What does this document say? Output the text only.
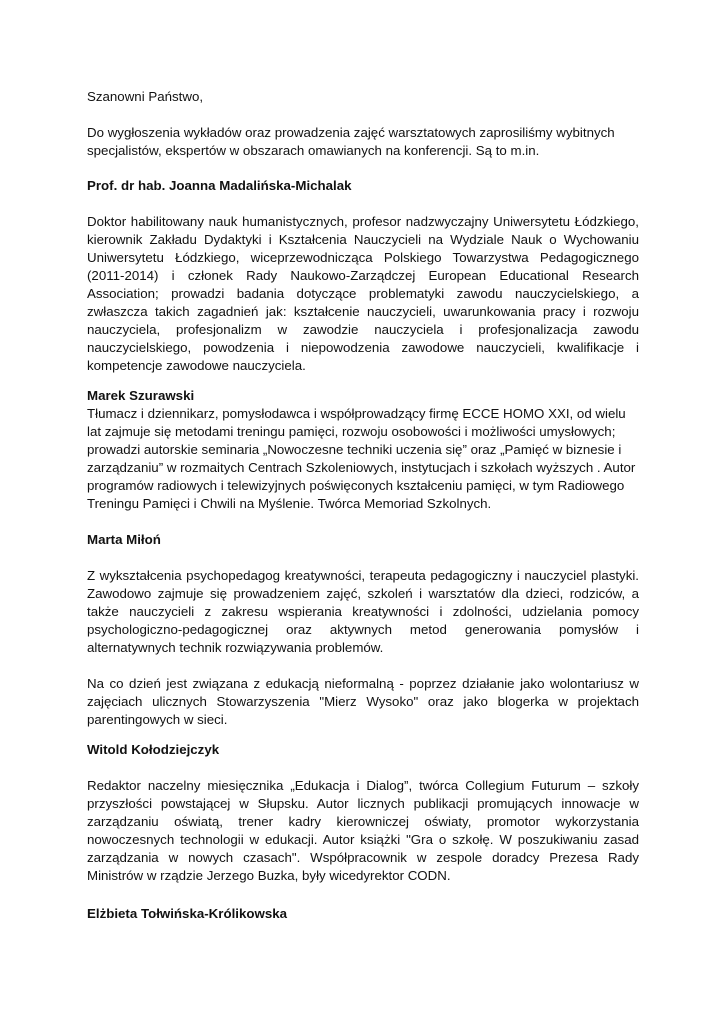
Szanowni Państwo,

Do wygłoszenia wykładów oraz prowadzenia zajęć warsztatowych zaprosiliśmy wybitnych specjalistów, ekspertów w obszarach omawianych na konferencji. Są to m.in.

Prof. dr hab. Joanna Madalińska-Michalak

Doktor habilitowany nauk humanistycznych, profesor nadzwyczajny Uniwersytetu Łódzkiego, kierownik Zakładu Dydaktyki i Kształcenia Nauczycieli na Wydziale Nauk o Wychowaniu Uniwersytetu Łódzkiego, wiceprzewodnicząca Polskiego Towarzystwa Pedagogicznego (2011-2014) i członek Rady Naukowo-Zarządczej European Educational Research Association; prowadzi badania dotyczące problematyki zawodu nauczycielskiego, a zwłaszcza takich zagadnień jak: kształcenie nauczycieli, uwarunkowania pracy i rozwoju nauczyciela, profesjonalizm w zawodzie nauczyciela i profesjonalizacja zawodu nauczycielskiego, powodzenia i niepowodzenia zawodowe nauczycieli, kwalifikacje i kompetencje zawodowe nauczyciela.

Marek Szurawski

Tłumacz i dziennikarz, pomysłodawca i współprowadzący firmę ECCE HOMO XXI, od wielu lat zajmuje się metodami treningu pamięci, rozwoju osobowości i możliwości umysłowych; prowadzi autorskie seminaria „Nowoczesne techniki uczenia się” oraz „Pamięć w biznesie i zarządzaniu” w rozmaitych Centrach Szkoleniowych, instytucjach i szkołach wyższych . Autor programów radiowych i telewizyjnych poświęconych kształceniu pamięci, w tym Radiowego Treningu Pamięci i Chwili na Myślenie. Twórca Memoriad Szkolnych.

Marta Miłoń

Z wykształcenia psychopedagog kreatywności, terapeuta pedagogiczny i nauczyciel plastyki. Zawodowo zajmuje się prowadzeniem zajęć, szkoleń i warsztatów dla dzieci, rodziców, a także nauczycieli z zakresu wspierania kreatywności i zdolności, udzielania pomocy psychologiczno-pedagogicznej oraz aktywnych metod generowania pomysłów i alternatywnych technik rozwiązywania problemów.

Na co dzień jest związana z edukacją nieformalną - poprzez działanie jako wolontariusz w zajęciach ulicznych Stowarzyszenia "Mierz Wysoko" oraz jako blogerka w projektach parentingowych w sieci.

Witold Kołodziejczyk

Redaktor naczelny miesięcznika „Edukacja i Dialog”, twórca Collegium Futurum – szkoły przyszłości powstającej w Słupsku. Autor licznych publikacji promujących innowacje w zarządzaniu oświatą, trener kadry kierowniczej oświaty, promotor wykorzystania nowoczesnych technologii w edukacji. Autor książki "Gra o szkołę. W poszukiwaniu zasad zarządzania w nowych czasach". Współpracownik w zespole doradcy Prezesa Rady Ministrów w rządzie Jerzego Buzka, były wicedyrektor CODN.

Elżbieta Tołwińska-Królikowska
